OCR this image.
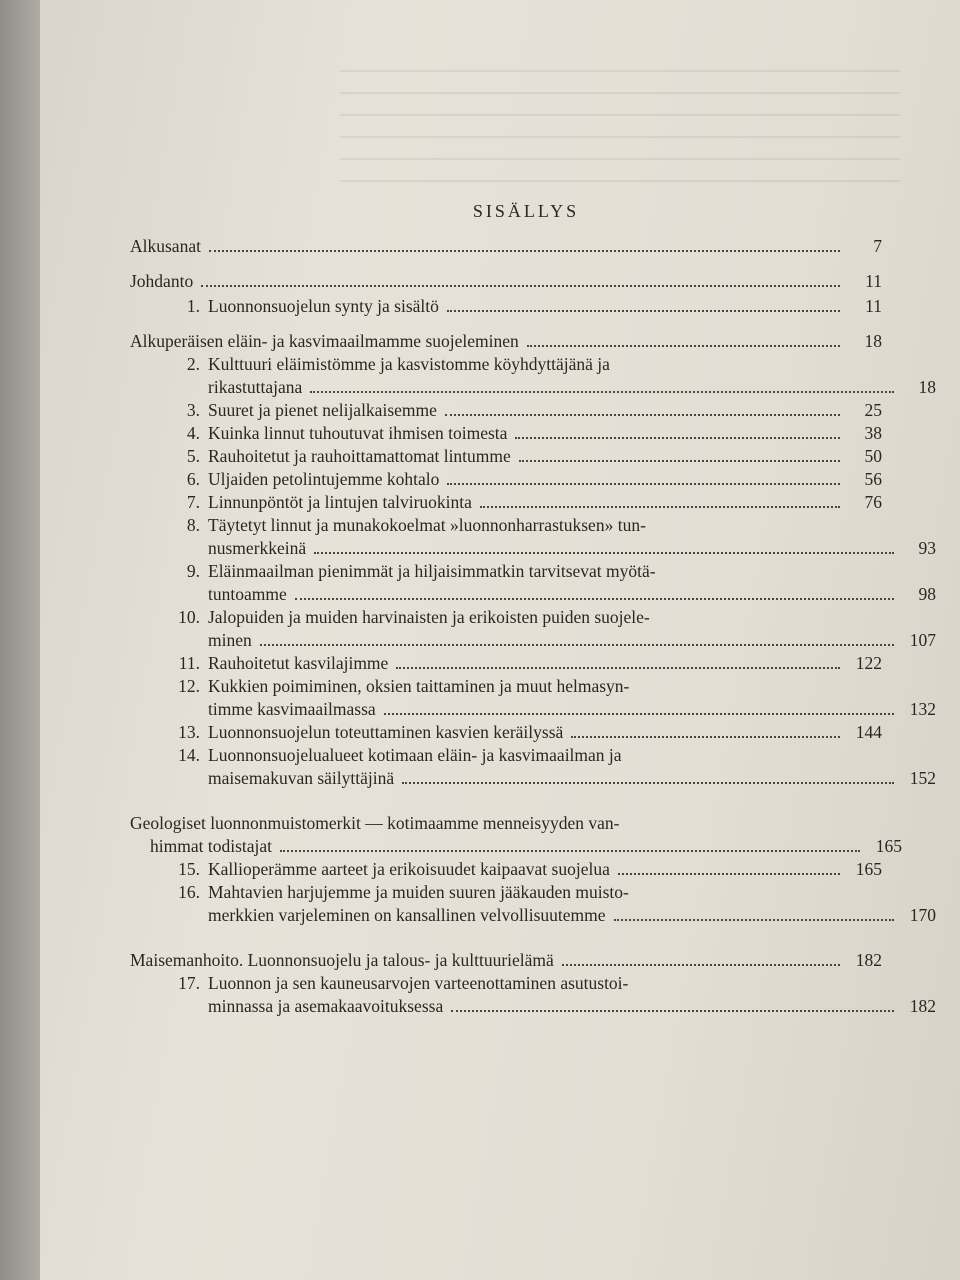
SISÄLLYS
Alkusanat	7
Johdanto	11
1. Luonnonsuojelun synty ja sisältö	11
Alkuperäisen eläin- ja kasvimaailmamme suojeleminen	18
2. Kulttuuri eläimistömme ja kasvistomme köyhdyttäjänä ja
rikastuttajana	18
3. Suuret ja pienet nelijalkaisemme	25
4. Kuinka linnut tuhoutuvat ihmisen toimesta	38
5. Rauhoitetut ja rauhoittamattomat lintumme	50
6. Uljaiden petolintujemme kohtalo	56
7. Linnunpöntöt ja lintujen talviruokinta	76
8. Täytetyt linnut ja munakokoelmat »luonnonharrastuksen» tun-
nusmerkkeinä	93
9. Eläinmaailman pienimmät ja hiljaisimmatkin tarvitsevat myötä-
tuntoamme	98
10. Jalopuiden ja muiden harvinaisten ja erikoisten puiden suojele-
minen	107
11. Rauhoitetut kasvilajimme	122
12. Kukkien poimiminen, oksien taittaminen ja muut helmasyn-
timme kasvimaailmassa	132
13. Luonnonsuojelun toteuttaminen kasvien keräilyssä	144
14. Luonnonsuojelualueet kotimaan eläin- ja kasvimaailman ja
maisemakuvan säilyttäjinä	152
Geologiset luonnonmuistomerkit — kotimaamme menneisyyden van-
himmat todistajat	165
15. Kallioperämme aarteet ja erikoisuudet kaipaavat suojelua	165
16. Mahtavien harjujemme ja muiden suuren jääkauden muisto-
merkkien varjeleminen on kansallinen velvollisuutemme	170
Maisemanhoito. Luonnonsuojelu ja talous- ja kulttuurielämä	182
17. Luonnon ja sen kauneusarvojen varteenottaminen asutustoi-
minnassa ja asemakaavoituksessa	182
